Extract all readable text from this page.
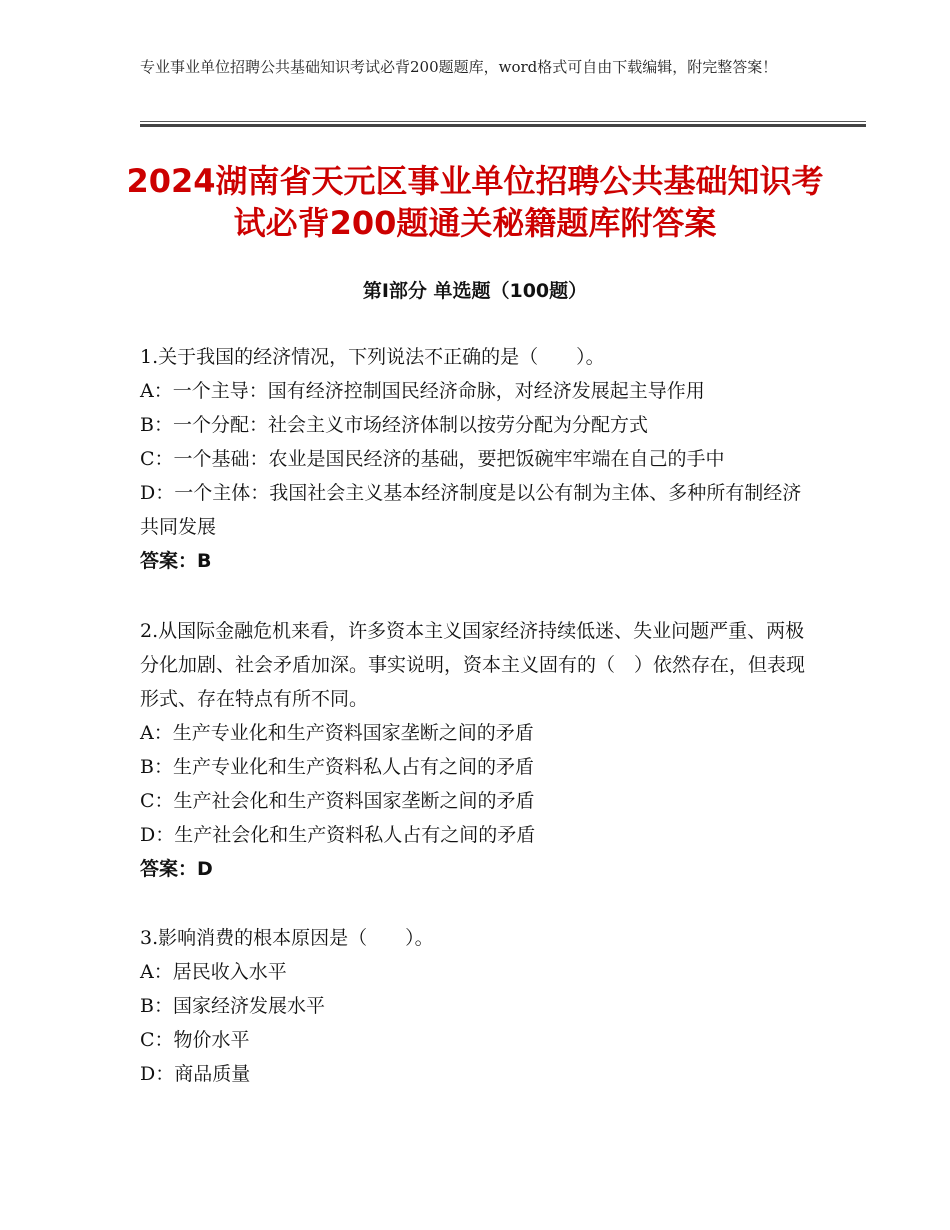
专业事业单位招聘公共基础知识考试必背200题题库，word格式可自由下载编辑，附完整答案！
2024湖南省天元区事业单位招聘公共基础知识考试必背200题通关秘籍题库附答案
第Ⅰ部分 单选题（100题）
1.关于我国的经济情况，下列说法不正确的是（　　）。
A：一个主导：国有经济控制国民经济命脉，对经济发展起主导作用
B：一个分配：社会主义市场经济体制以按劳分配为分配方式
C：一个基础：农业是国民经济的基础，要把饭碗牢牢端在自己的手中
D：一个主体：我国社会主义基本经济制度是以公有制为主体、多种所有制经济共同发展
答案：B
2.从国际金融危机来看，许多资本主义国家经济持续低迷、失业问题严重、两极分化加剧、社会矛盾加深。事实说明，资本主义固有的（　）依然存在，但表现形式、存在特点有所不同。
A：生产专业化和生产资料国家垄断之间的矛盾
B：生产专业化和生产资料私人占有之间的矛盾
C：生产社会化和生产资料国家垄断之间的矛盾
D：生产社会化和生产资料私人占有之间的矛盾
答案：D
3.影响消费的根本原因是（　　）。
A：居民收入水平
B：国家经济发展水平
C：物价水平
D：商品质量
